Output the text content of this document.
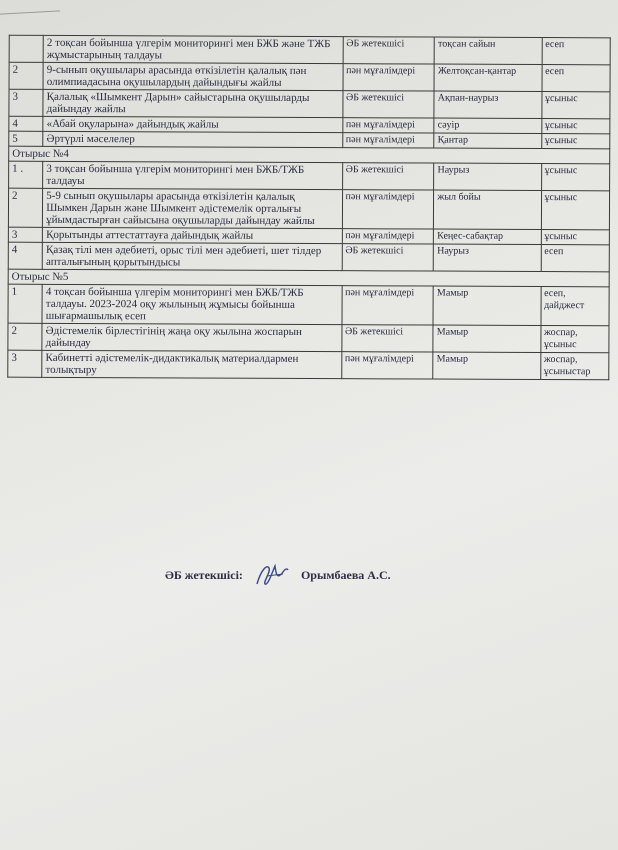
	2 тоқсан бойынша үлгерім мониторингі мен БЖБ және ТЖБ жұмыстарының талдауы	ӘБ жетекшісі	тоқсан сайын	есеп
2	9-сынып оқушылары арасында өткізілетін қалалық пән олимпиадасына оқушылардың дайындығы жайлы	пән мұғалімдері	Желтоқсан-қантар	есеп
3	Қалалық «Шымкент Дарын» сайыстарына оқушыларды дайындау жайлы	ӘБ жетекшісі	Ақпан-наурыз	ұсыныс
4	«Абай оқуларына» дайындық жайлы	пән мұғалімдері	сәуір	ұсыныс
5	Әртүрлі мәселелер	пән мұғалімдері	Қантар	ұсыныс
Отырыс №4				
1 .	3 тоқсан бойынша үлгерім мониторингі мен БЖБ/ТЖБ талдауы	ӘБ жетекшісі	Наурыз	ұсыныс
2	5-9 сынып оқушылары арасында өткізілетін қалалық Шымкен Дарын және Шымкент әдістемелік орталығы ұйымдастырған сайысына оқушыларды дайындау жайлы	пән мұғалімдері	жыл бойы	ұсыныс
3	Қорытынды аттестаттауға дайындық жайлы	пән мұғалімдері	Кеңес-сабақтар	ұсыныс
4	Қазақ тілі мен әдебиеті, орыс тілі мен әдебиеті, шет тілдер апталығының қорытындысы	ӘБ жетекшісі	Наурыз	есеп
Отырыс №5				
1	4 тоқсан бойынша үлгерім мониторингі мен БЖБ/ТЖБ талдауы. 2023-2024 оқу жылының жұмысы бойынша шығармашылық есеп	пән мұғалімдері	Мамыр	есеп, дайджест
2	Әдістемелік бірлестігінің жаңа оқу жылына жоспарын дайындау	ӘБ жетекшісі	Мамыр	жоспар, ұсыныс
3	Кабинетті әдістемелік-дидактикалық материалдармен толықтыру	пән мұғалімдері	Мамыр	жоспар, ұсыныстар
ӘБ жетекшісі:	Орымбаева А.С.
